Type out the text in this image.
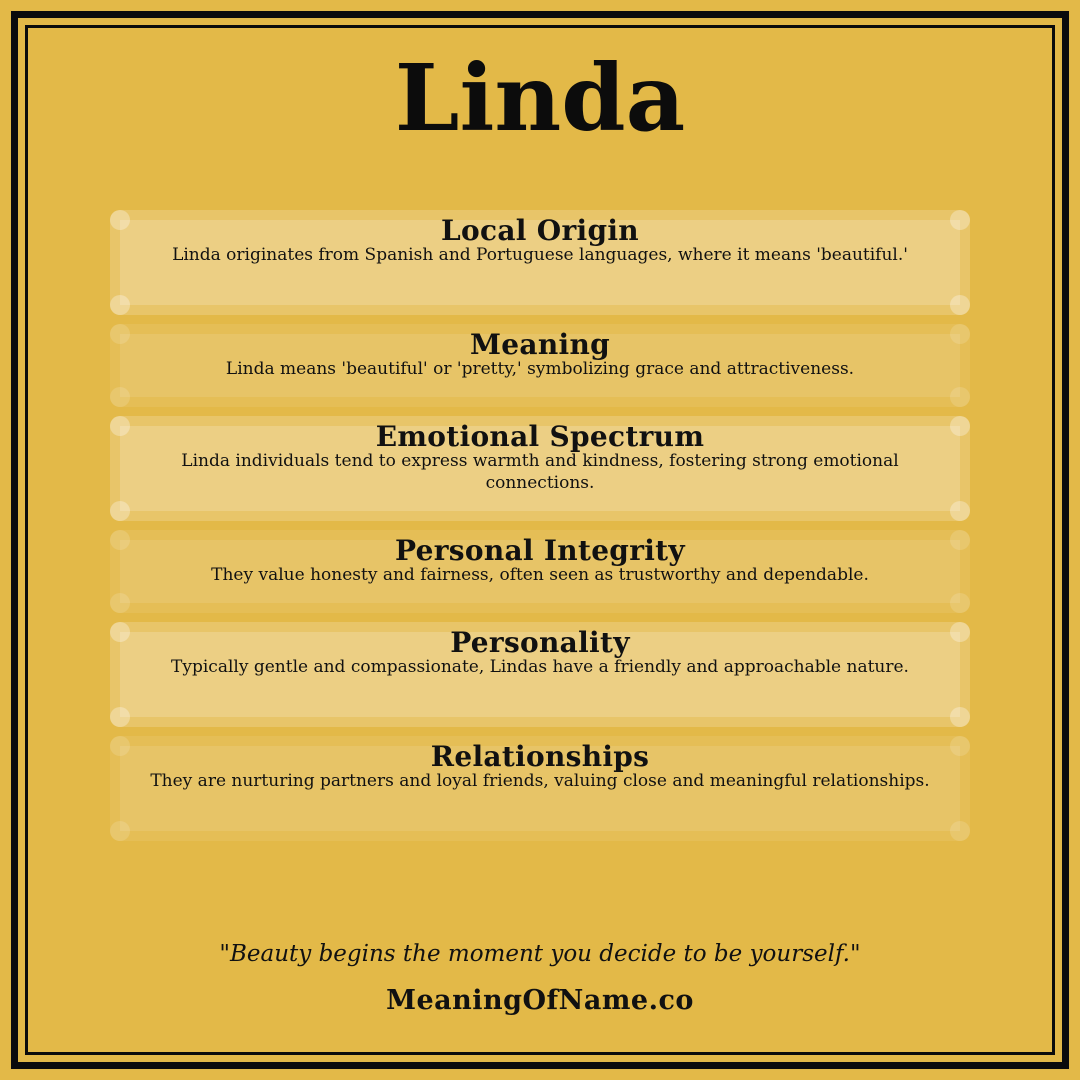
Linda
Local Origin
Linda originates from Spanish and Portuguese languages, where it means 'beautiful.'
Meaning
Linda means 'beautiful' or 'pretty,' symbolizing grace and attractiveness.
Emotional Spectrum
Linda individuals tend to express warmth and kindness, fostering strong emotional connections.
Personal Integrity
They value honesty and fairness, often seen as trustworthy and dependable.
Personality
Typically gentle and compassionate, Lindas have a friendly and approachable nature.
Relationships
They are nurturing partners and loyal friends, valuing close and meaningful relationships.
"Beauty begins the moment you decide to be yourself."
MeaningOfName.co
